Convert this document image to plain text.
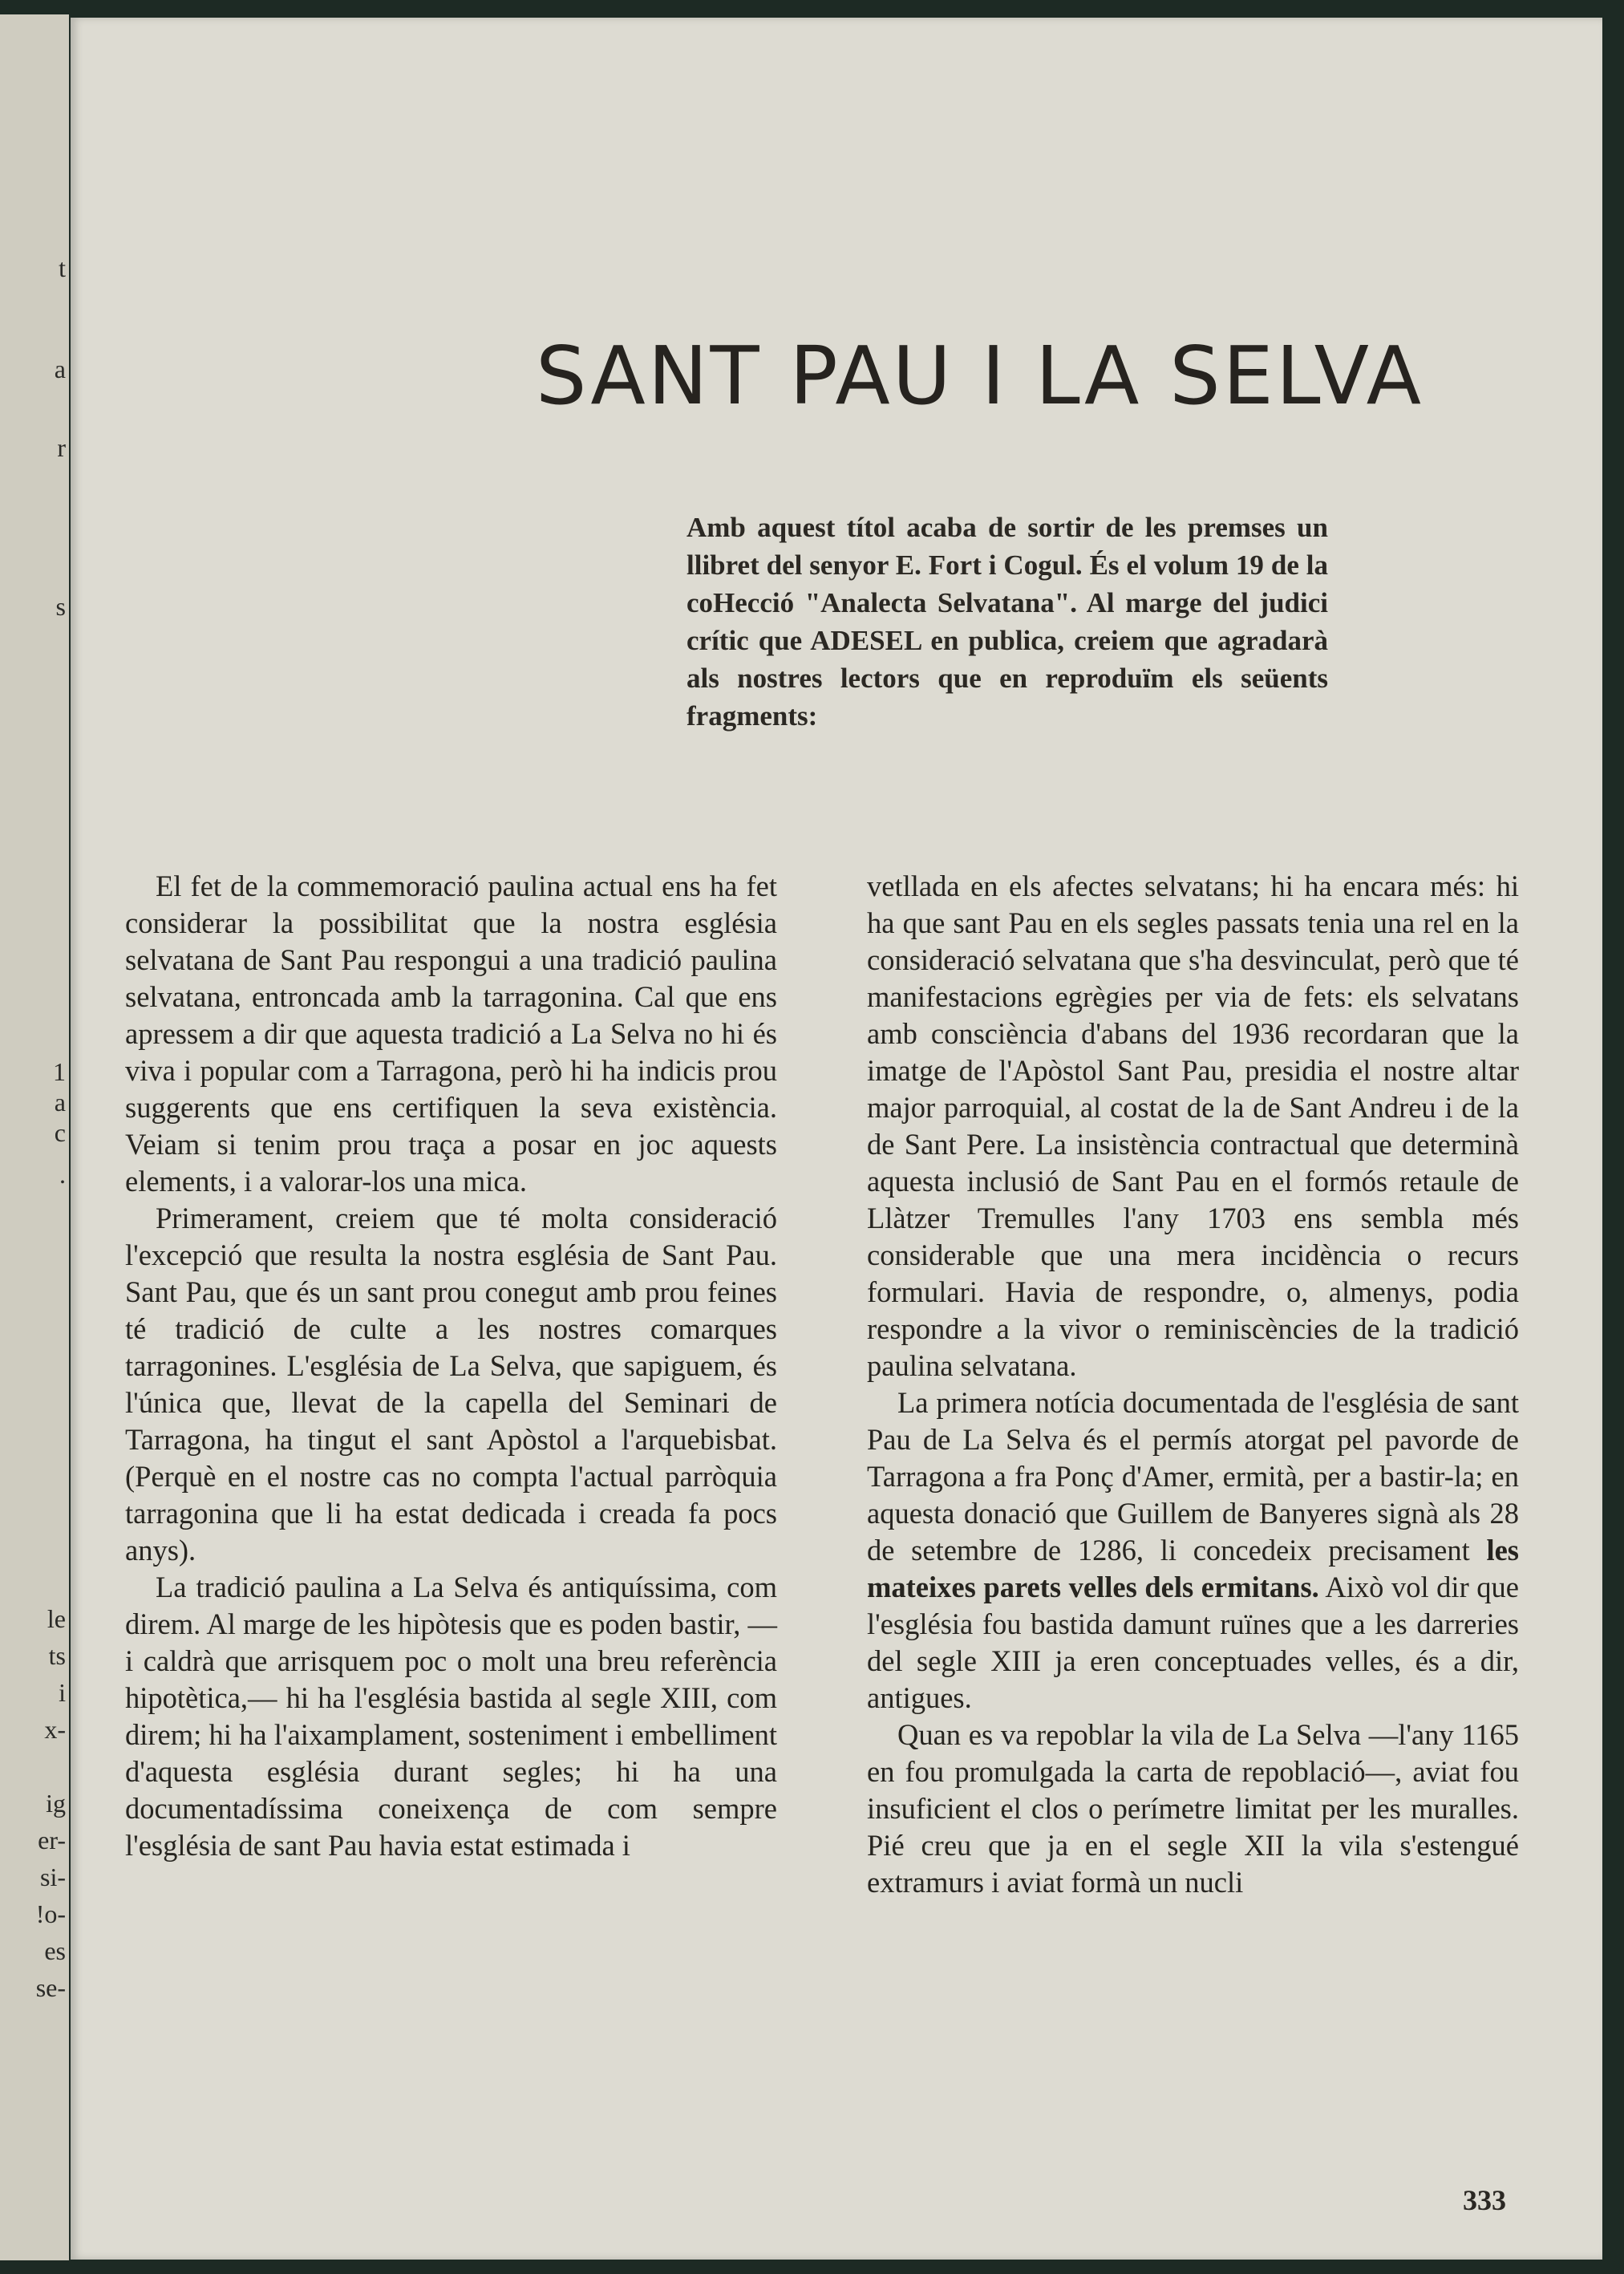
t
a
r
s
1
a
c
.
le
ts
i
x-
ig
er-
si-
!o-
es
se-
SANT PAU I LA SELVA
Amb aquest títol acaba de sortir de les premses un llibret del senyor E. Fort i Cogul. És el volum 19 de la coHecció "Analecta Selvatana". Al marge del judici crític que ADESEL en publica, creiem que agradarà als nostres lectors que en reproduïm els seüents fragments:

El fet de la commemoració paulina actual ens ha fet considerar la possibilitat que la nostra església selvatana de Sant Pau respongui a una tradició paulina selvatana, entroncada amb la tarragonina. Cal que ens apressem a dir que aquesta tradició a La Selva no hi és viva i popular com a Tarragona, però hi ha indicis prou suggerents que ens certifiquen la seva existència. Veiam si tenim prou traça a posar en joc aquests elements, i a valorar-los una mica.

Primerament, creiem que té molta consideració l'excepció que resulta la nostra església de Sant Pau. Sant Pau, que és un sant prou conegut amb prou feines té tradició de culte a les nostres comarques tarragonines. L'església de La Selva, que sapiguem, és l'única que, llevat de la capella del Seminari de Tarragona, ha tingut el sant Apòstol a l'arquebisbat. (Perquè en el nostre cas no compta l'actual parròquia tarragonina que li ha estat dedicada i creada fa pocs anys).

La tradició paulina a La Selva és antiquíssima, com direm. Al marge de les hipòtesis que es poden bastir, —i caldrà que arrisquem poc o molt una breu referència hipotètica,— hi ha l'església bastida al segle XIII, com direm; hi ha l'aixamplament, sosteniment i embelliment d'aquesta església durant segles; hi ha una documentadíssima coneixença de com sempre l'església de sant Pau havia estat estimada i

vetllada en els afectes selvatans; hi ha encara més: hi ha que sant Pau en els segles passats tenia una rel en la consideració selvatana que s'ha desvinculat, però que té manifestacions egrègies per via de fets: els selvatans amb consciència d'abans del 1936 recordaran que la imatge de l'Apòstol Sant Pau, presidia el nostre altar major parroquial, al costat de la de Sant Andreu i de la de Sant Pere. La insistència contractual que determinà aquesta inclusió de Sant Pau en el formós retaule de Llàtzer Tremulles l'any 1703 ens sembla més considerable que una mera incidència o recurs formulari. Havia de respondre, o, almenys, podia respondre a la vivor o reminiscències de la tradició paulina selvatana.

La primera notícia documentada de l'església de sant Pau de La Selva és el permís atorgat pel pavorde de Tarragona a fra Ponç d'Amer, ermità, per a bastir-la; en aquesta donació que Guillem de Banyeres signà als 28 de setembre de 1286, li concedeix precisament les mateixes parets velles dels ermitans. Això vol dir que l'església fou bastida damunt ruïnes que a les darreries del segle XIII ja eren conceptuades velles, és a dir, antigues.

Quan es va repoblar la vila de La Selva —l'any 1165 en fou promulgada la carta de repoblació—, aviat fou insuficient el clos o perímetre limitat per les muralles. Pié creu que ja en el segle XII la vila s'estengué extramurs i aviat formà un nucli

333
